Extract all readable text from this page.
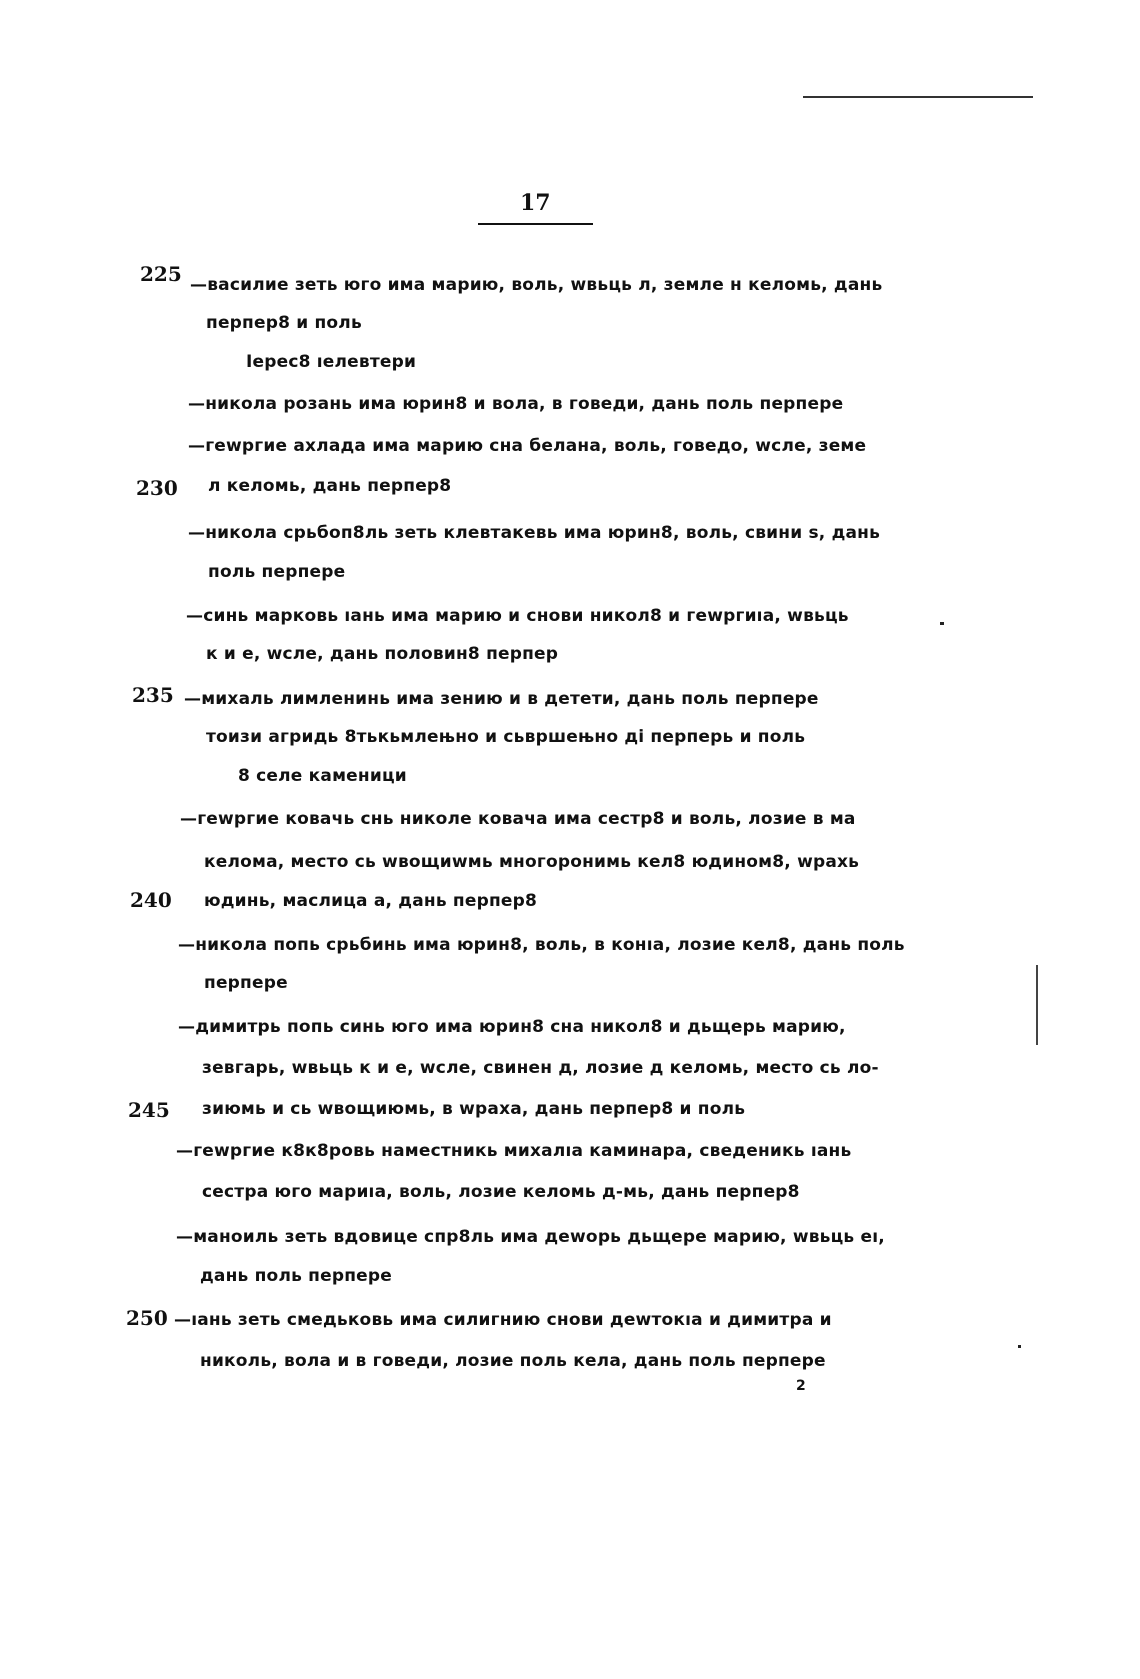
17
225
230
235
240
245
250
—василие зеть юго има марию, воль, wвьць л, земле н келомь, дань
перпер8 и поль
Iерес8 ıелевтери
—никола розань има юрин8 и вола, в говеди, дань поль перпере
—геwргие ахлада има марию сна беланa, воль, говедо, wсле, земе
л келомь, дань перпер8
—никола срьбоп8ль зеть клевтакевь има юрин8, воль, свини s, дань
поль перпере
—синь марковь ıань има марию и снови никол8 и геwргиıа, wвьць
к и е, wсле, дань половин8 перпер
—михаль лимленинь има зению и в детети, дань поль перпере
тоизи агридь 8тькьмлењно и сьвршењно ді перперь и поль
8 селе каменици
—геwргие ковачь снь николе ковача има сестр8 и воль, лозие в ма
келома, место сь wвощиwмь многоронимь кел8 юдином8, wрахь
юдинь, маслица а, дань перпер8
—никола попь срьбинь има юрин8, воль, в конıа, лозие кел8, дань поль
перпере
—димитрь попь синь юго има юрин8 сна никол8 и дьщерь марию,
зевгарь, wвьць к и е, wсле, свинен д, лозие д келомь, место сь ло-
зиюмь и сь wвощиюмь, в wраха, дань перпер8 и поль
—геwргие к8к8ровь наместникь михалıа каминара, сведеникь ıань
сестра юго мариıа, воль, лозие келомь д-мь, дань перпер8
—маноиль зеть вдовице спр8ль има деwорь дьщере марию, wвьць еı,
дань поль перпере
—ıань зеть смедьковь има силигнию снови деwтокıа и димитра и
николь, вола и в говеди, лозие поль кела, дань поль перпере
2
